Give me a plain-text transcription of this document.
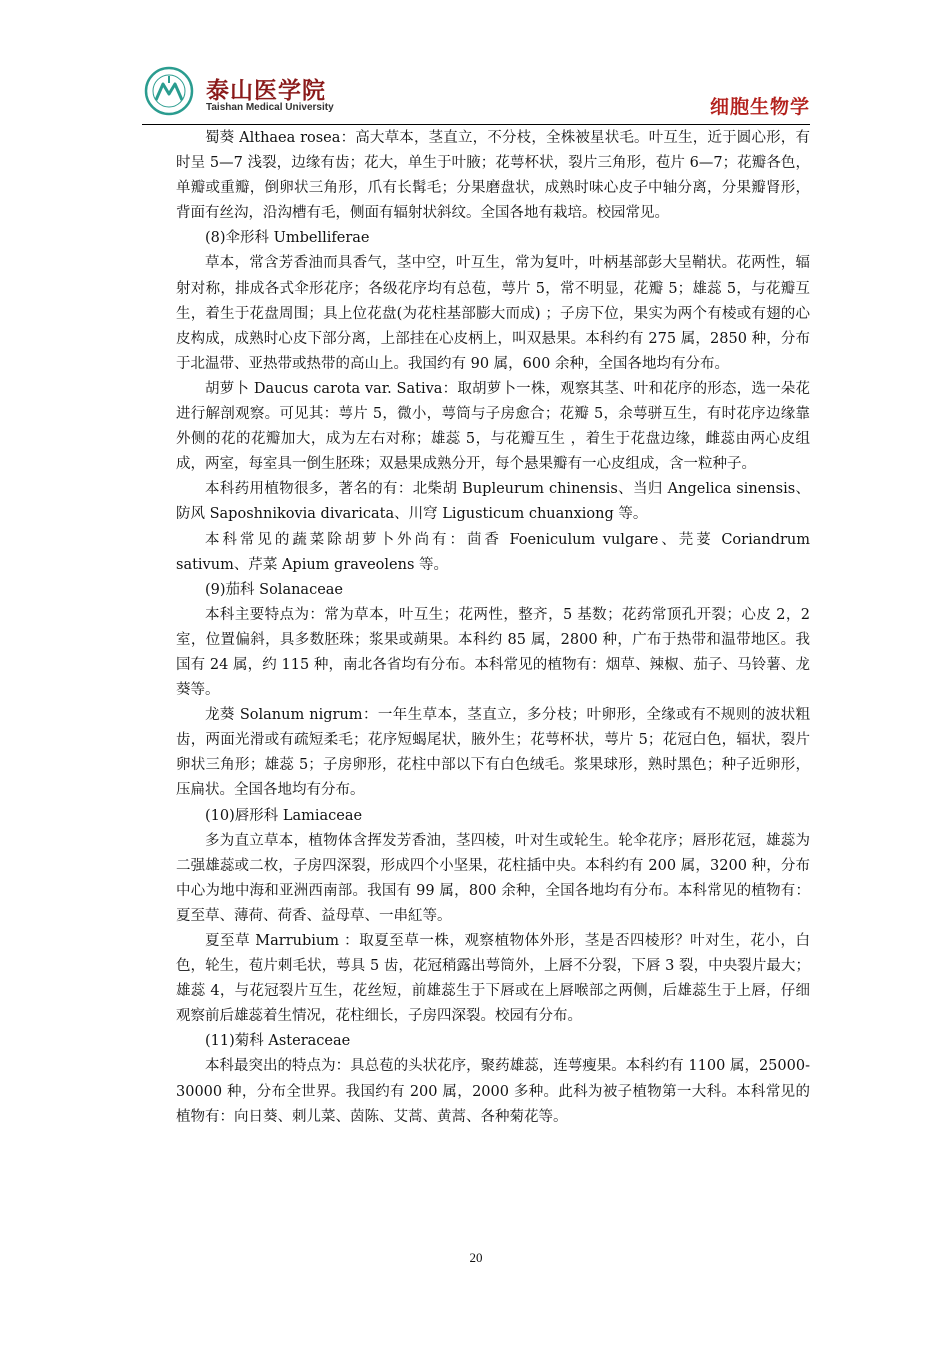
泰山医学院
Taishan Medical University	细胞生物学

蜀葵 Althaea rosea：高大草本，茎直立，不分枝，全株被星状毛。叶互生，近于圆心形，有时呈 5—7 浅裂，边缘有齿；花大，单生于叶腋；花萼杯状，裂片三角形，苞片 6—7；花瓣各色，单瓣或重瓣，倒卵状三角形，爪有长髯毛；分果磨盘状，成熟时味心皮子中轴分离，分果瓣肾形，背面有丝沟，沿沟槽有毛，侧面有辐射状斜纹。全国各地有栽培。校园常见。

(8)伞形科 Umbelliferae

草本，常含芳香油而具香气，茎中空，叶互生，常为复叶，叶柄基部彭大呈鞘状。花两性，辐射对称，排成各式伞形花序；各级花序均有总苞，萼片 5，常不明显，花瓣 5；雄蕊 5，与花瓣互生，着生于花盘周围；具上位花盘(为花柱基部膨大而成) ；子房下位，果实为两个有棱或有翅的心皮构成，成熟时心皮下部分离，上部挂在心皮柄上，叫双悬果。本科约有 275 属，2850 种，分布于北温带、亚热带或热带的高山上。我国约有 90 属，600 余种，全国各地均有分布。

胡萝卜 Daucus carota var. Sativa：取胡萝卜一株，观察其茎、叶和花序的形态，选一朵花进行解剖观察。可见其：萼片 5，微小，萼筒与子房愈合；花瓣 5，余萼骈互生，有时花序边缘靠外侧的花的花瓣加大，成为左右对称；雄蕊 5，与花瓣互生 ，着生于花盘边缘，雌蕊由两心皮组成，两室，每室具一倒生胚珠；双悬果成熟分开，每个悬果瓣有一心皮组成，含一粒种子。

本科药用植物很多，著名的有：北柴胡 Bupleurum chinensis、当归 Angelica sinensis、防风 Saposhnikovia divaricata、川穹 Ligusticum chuanxiong 等。

本科常见的蔬菜除胡萝卜外尚有：茴香 Foeniculum vulgare、芫荽 Coriandrum sativum、芹菜 Apium graveolens 等。

(9)茄科 Solanaceae

本科主要特点为：常为草本，叶互生；花两性，整齐，5 基数；花药常顶孔开裂；心皮 2，2 室，位置偏斜，具多数胚珠；浆果或蒴果。本科约 85 属，2800 种，广布于热带和温带地区。我国有 24 属，约 115 种，南北各省均有分布。本科常见的植物有：烟草、辣椒、茄子、马铃薯、龙葵等。

龙葵 Solanum nigrum：一年生草本，茎直立，多分枝；叶卵形，全缘或有不规则的波状粗齿，两面光滑或有疏短柔毛；花序短蝎尾状，腋外生；花萼杯状，萼片 5；花冠白色，辐状，裂片卵状三角形；雄蕊 5；子房卵形，花柱中部以下有白色绒毛。浆果球形，熟时黑色；种子近卵形，压扁状。全国各地均有分布。

(10)唇形科 Lamiaceae

多为直立草本，植物体含挥发芳香油，茎四棱，叶对生或轮生。轮伞花序；唇形花冠，雄蕊为二强雄蕊或二枚，子房四深裂，形成四个小坚果，花柱插中央。本科约有 200 属，3200 种，分布中心为地中海和亚洲西南部。我国有 99 属，800 余种，全国各地均有分布。本科常见的植物有：夏至草、薄荷、荷香、益母草、一串紅等。

夏至草 Marrubium ：取夏至草一株，观察植物体外形，茎是否四棱形？叶对生，花小，白色，轮生，苞片刺毛状，萼具 5 齿，花冠稍露出萼筒外，上唇不分裂，下唇 3 裂，中央裂片最大；雄蕊 4，与花冠裂片互生，花丝短，前雄蕊生于下唇或在上唇喉部之两侧，后雄蕊生于上唇，仔细观察前后雄蕊着生情况，花柱细长，子房四深裂。校园有分布。

(11)菊科 Asteraceae

本科最突出的特点为：具总苞的头状花序，聚药雄蕊，连萼瘦果。本科约有 1100 属，25000-30000 种，分布全世界。我国约有 200 属，2000 多种。此科为被子植物第一大科。本科常见的植物有：向日葵、刺儿菜、茵陈、艾蒿、黄蒿、各种菊花等。

20
